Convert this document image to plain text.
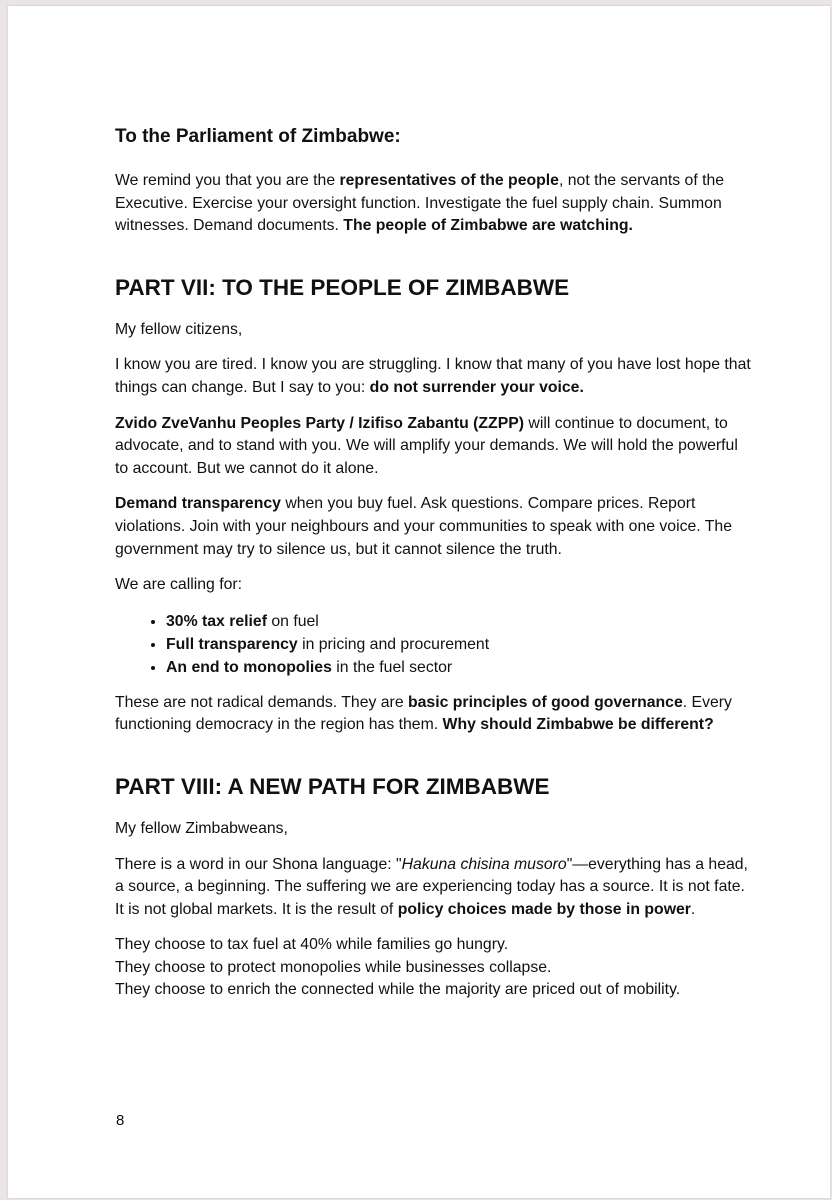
To the Parliament of Zimbabwe:

We remind you that you are the representatives of the people, not the servants of the Executive. Exercise your oversight function. Investigate the fuel supply chain. Summon witnesses. Demand documents. The people of Zimbabwe are watching.

PART VII: TO THE PEOPLE OF ZIMBABWE

My fellow citizens,

I know you are tired. I know you are struggling. I know that many of you have lost hope that things can change. But I say to you: do not surrender your voice.

Zvido ZveVanhu Peoples Party / Izifiso Zabantu (ZZPP) will continue to document, to advocate, and to stand with you. We will amplify your demands. We will hold the powerful to account. But we cannot do it alone.

Demand transparency when you buy fuel. Ask questions. Compare prices. Report violations. Join with your neighbours and your communities to speak with one voice. The government may try to silence us, but it cannot silence the truth.

We are calling for:

• 30% tax relief on fuel
• Full transparency in pricing and procurement
• An end to monopolies in the fuel sector

These are not radical demands. They are basic principles of good governance. Every functioning democracy in the region has them. Why should Zimbabwe be different?

PART VIII: A NEW PATH FOR ZIMBABWE

My fellow Zimbabweans,

There is a word in our Shona language: "Hakuna chisina musoro"—everything has a head, a source, a beginning. The suffering we are experiencing today has a source. It is not fate. It is not global markets. It is the result of policy choices made by those in power.

They choose to tax fuel at 40% while families go hungry.
They choose to protect monopolies while businesses collapse.
They choose to enrich the connected while the majority are priced out of mobility.

8
